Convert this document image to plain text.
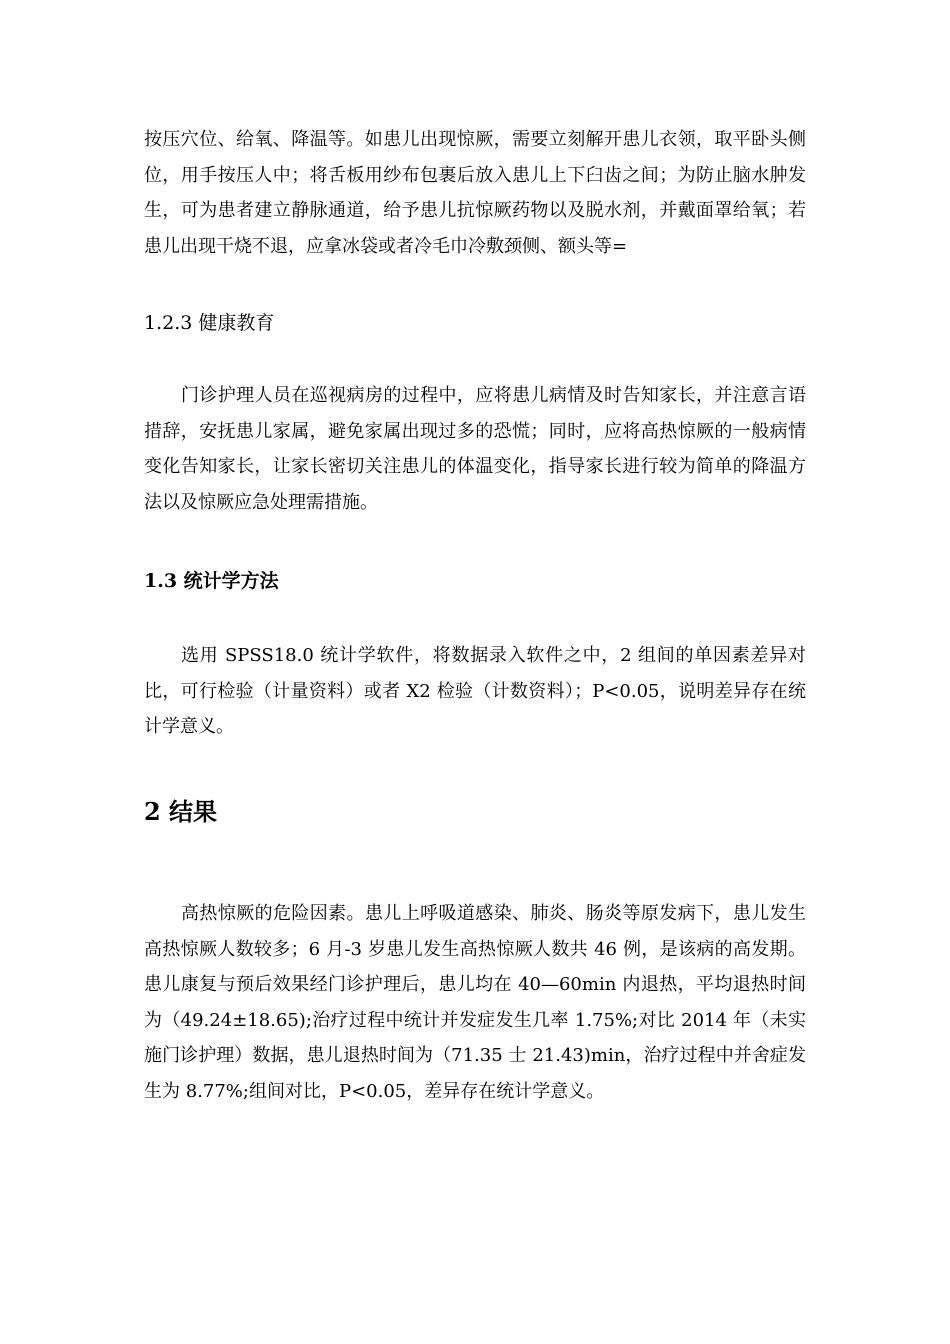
按压穴位、给氧、降温等。如患儿出现惊厥，需要立刻解开患儿衣领，取平卧头侧位，用手按压人中；将舌板用纱布包裹后放入患儿上下臼齿之间；为防止脑水肿发生，可为患者建立静脉通道，给予患儿抗惊厥药物以及脱水剂，并戴面罩给氧；若患儿出现干烧不退，应拿冰袋或者冷毛巾冷敷颈侧、额头等=

1.2.3 健康教育

门诊护理人员在巡视病房的过程中，应将患儿病情及时告知家长，并注意言语措辞，安抚患儿家属，避免家属出现过多的恐慌；同时，应将高热惊厥的一般病情变化告知家长，让家长密切关注患儿的体温变化，指导家长进行较为简单的降温方法以及惊厥应急处理需措施。

1.3 统计学方法

选用 SPSS18.0 统计学软件，将数据录入软件之中，2 组间的单因素差异对比，可行检验（计量资料）或者 X2 检验（计数资料）；P<0.05，说明差异存在统计学意义。

2 结果

高热惊厥的危险因素。患儿上呼吸道感染、肺炎、肠炎等原发病下，患儿发生高热惊厥人数较多；6 月-3 岁患儿发生高热惊厥人数共 46 例，是该病的高发期。患儿康复与预后效果经门诊护理后，患儿均在 40—60min 内退热，平均退热时间为（49.24±18.65);治疗过程中统计并发症发生几率 1.75%;对比 2014 年（未实施门诊护理）数据，患儿退热时间为（71.35 士 21.43)min，治疗过程中并舍症发生为 8.77%;组间对比，P<0.05，差异存在统计学意义。
